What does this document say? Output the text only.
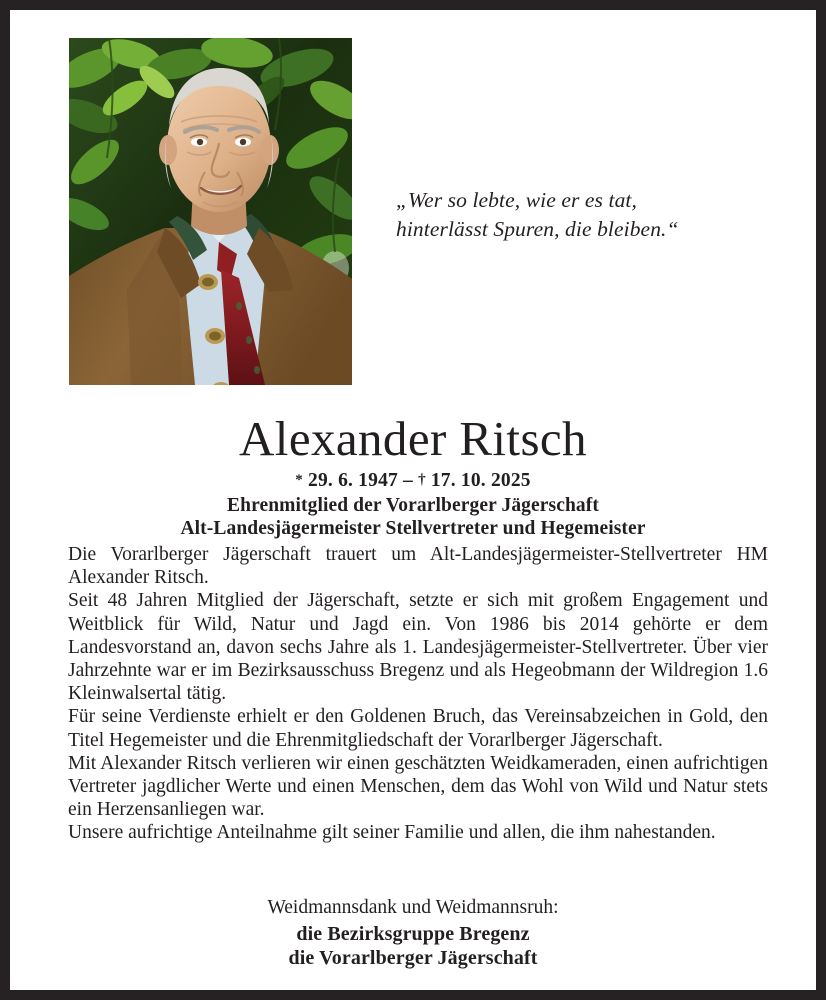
„Wer so lebte, wie er es tat,
hinterlässt Spuren, die bleiben.“
Alexander Ritsch
* 29. 6. 1947 – † 17. 10. 2025
Ehrenmitglied der Vorarlberger Jägerschaft
Alt-Landesjägermeister Stellvertreter und Hegemeister

Die Vorarlberger Jägerschaft trauert um Alt-Landesjägermeister-Stellvertreter HM Alexander Ritsch.

Seit 48 Jahren Mitglied der Jägerschaft, setzte er sich mit großem Engagement und Weitblick für Wild, Natur und Jagd ein. Von 1986 bis 2014 gehörte er dem Landesvorstand an, davon sechs Jahre als 1. Landesjägermeister-Stellvertreter. Über vier Jahrzehnte war er im Bezirksausschuss Bregenz und als Hegeobmann der Wildregion 1.6 Kleinwalsertal tätig.

Für seine Verdienste erhielt er den Goldenen Bruch, das Vereinsabzeichen in Gold, den Titel Hegemeister und die Ehrenmitgliedschaft der Vorarlberger Jägerschaft.

Mit Alexander Ritsch verlieren wir einen geschätzten Weidkameraden, einen aufrichtigen Vertreter jagdlicher Werte und einen Menschen, dem das Wohl von Wild und Natur stets ein Herzensanliegen war.

Unsere aufrichtige Anteilnahme gilt seiner Familie und allen, die ihm nahestanden.

Weidmannsdank und Weidmannsruh:
die Bezirksgruppe Bregenz
die Vorarlberger Jägerschaft
